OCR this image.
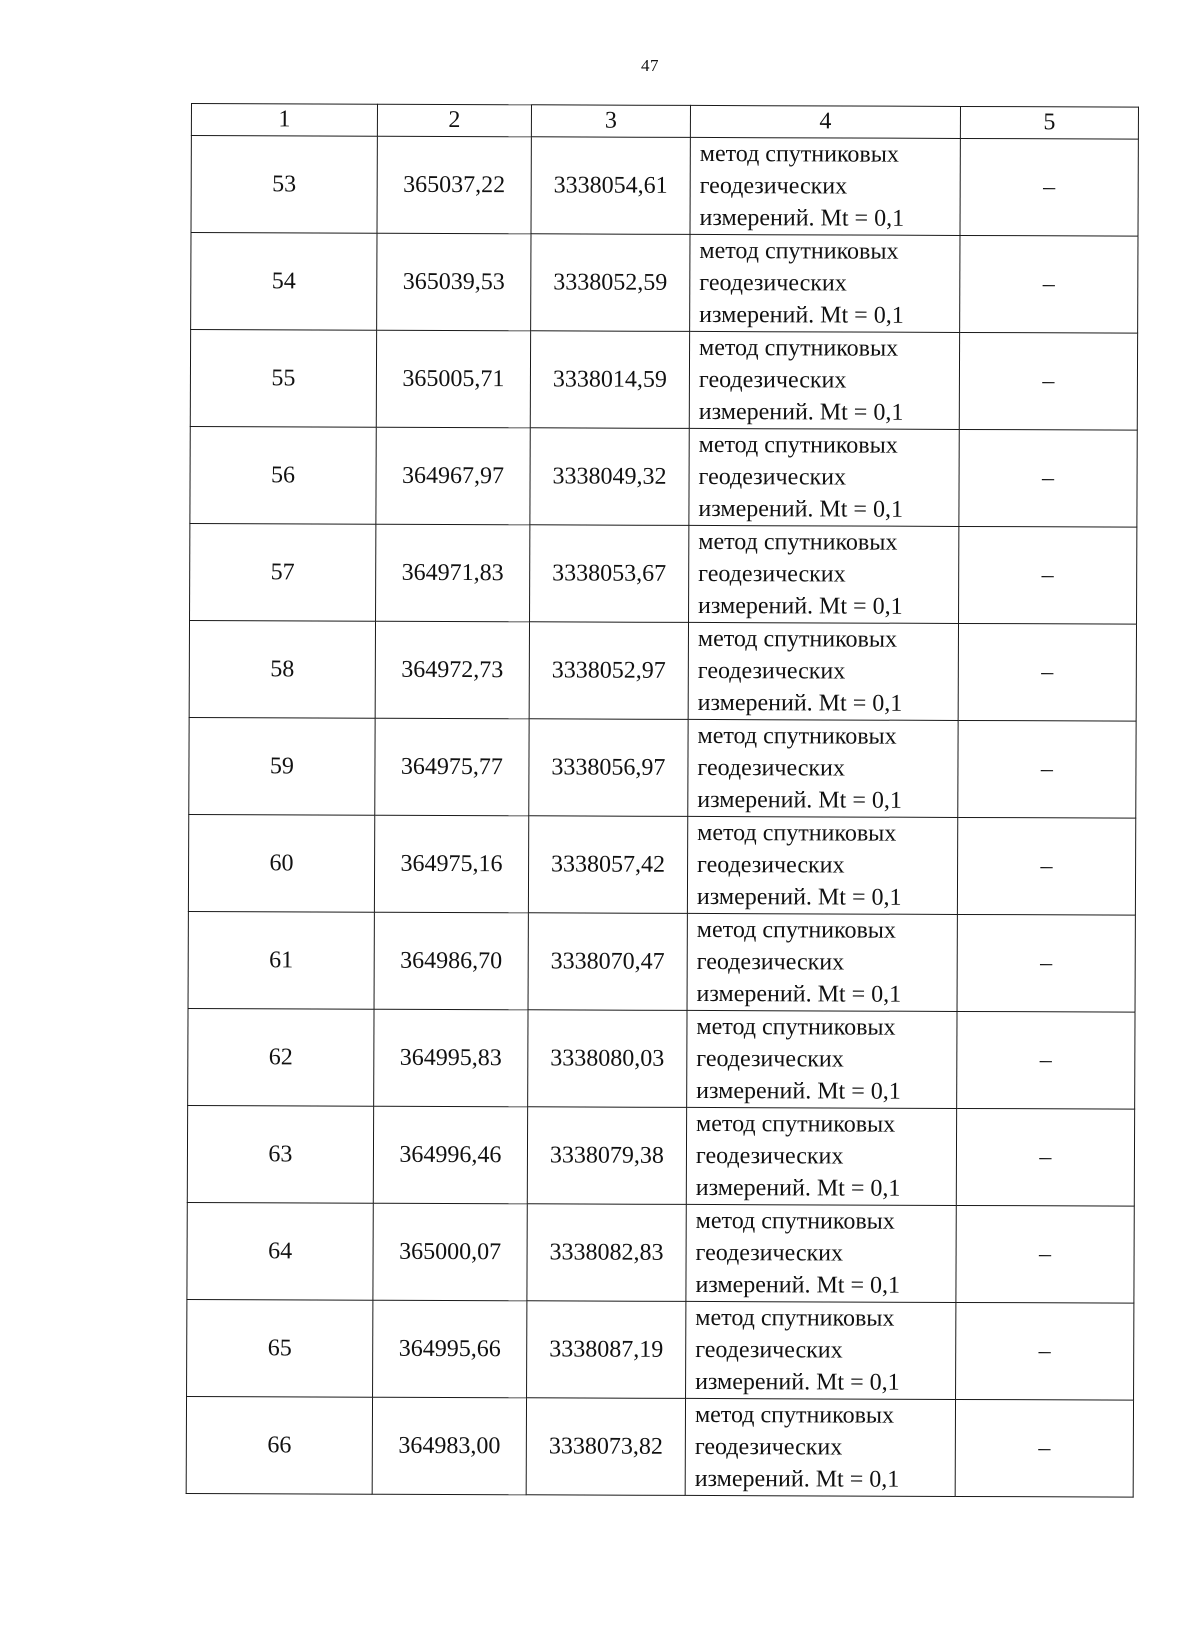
47
1	2	3	4	5
53	365037,22	3338054,61	метод спутниковых
геодезических
измерений. Mt = 0,1	–
54	365039,53	3338052,59	метод спутниковых
геодезических
измерений. Mt = 0,1	–
55	365005,71	3338014,59	метод спутниковых
геодезических
измерений. Mt = 0,1	–
56	364967,97	3338049,32	метод спутниковых
геодезических
измерений. Mt = 0,1	–
57	364971,83	3338053,67	метод спутниковых
геодезических
измерений. Mt = 0,1	–
58	364972,73	3338052,97	метод спутниковых
геодезических
измерений. Mt = 0,1	–
59	364975,77	3338056,97	метод спутниковых
геодезических
измерений. Mt = 0,1	–
60	364975,16	3338057,42	метод спутниковых
геодезических
измерений. Mt = 0,1	–
61	364986,70	3338070,47	метод спутниковых
геодезических
измерений. Mt = 0,1	–
62	364995,83	3338080,03	метод спутниковых
геодезических
измерений. Mt = 0,1	–
63	364996,46	3338079,38	метод спутниковых
геодезических
измерений. Mt = 0,1	–
64	365000,07	3338082,83	метод спутниковых
геодезических
измерений. Mt = 0,1	–
65	364995,66	3338087,19	метод спутниковых
геодезических
измерений. Mt = 0,1	–
66	364983,00	3338073,82	метод спутниковых
геодезических
измерений. Mt = 0,1	–
